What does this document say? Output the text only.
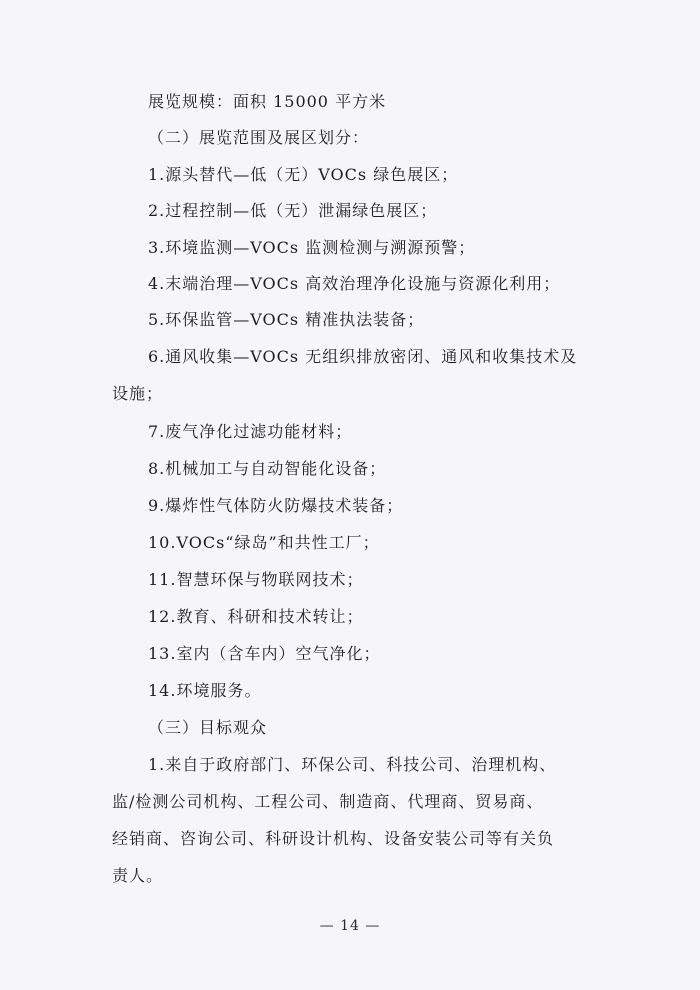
展览规模：面积 15000 平方米
（二）展览范围及展区划分：
1.源头替代—低（无）VOCs 绿色展区；
2.过程控制—低（无）泄漏绿色展区；
3.环境监测—VOCs 监测检测与溯源预警；
4.末端治理—VOCs 高效治理净化设施与资源化利用；
5.环保监管—VOCs 精准执法装备；
6.通风收集—VOCs 无组织排放密闭、通风和收集技术及
设施；
7.废气净化过滤功能材料；
8.机械加工与自动智能化设备；
9.爆炸性气体防火防爆技术装备；
10.VOCs“绿岛”和共性工厂；
11.智慧环保与物联网技术；
12.教育、科研和技术转让；
13.室内（含车内）空气净化；
14.环境服务。
（三）目标观众
1.来自于政府部门、环保公司、科技公司、治理机构、
监/检测公司机构、工程公司、制造商、代理商、贸易商、
经销商、咨询公司、科研设计机构、设备安装公司等有关负
责人。
— 14 —
